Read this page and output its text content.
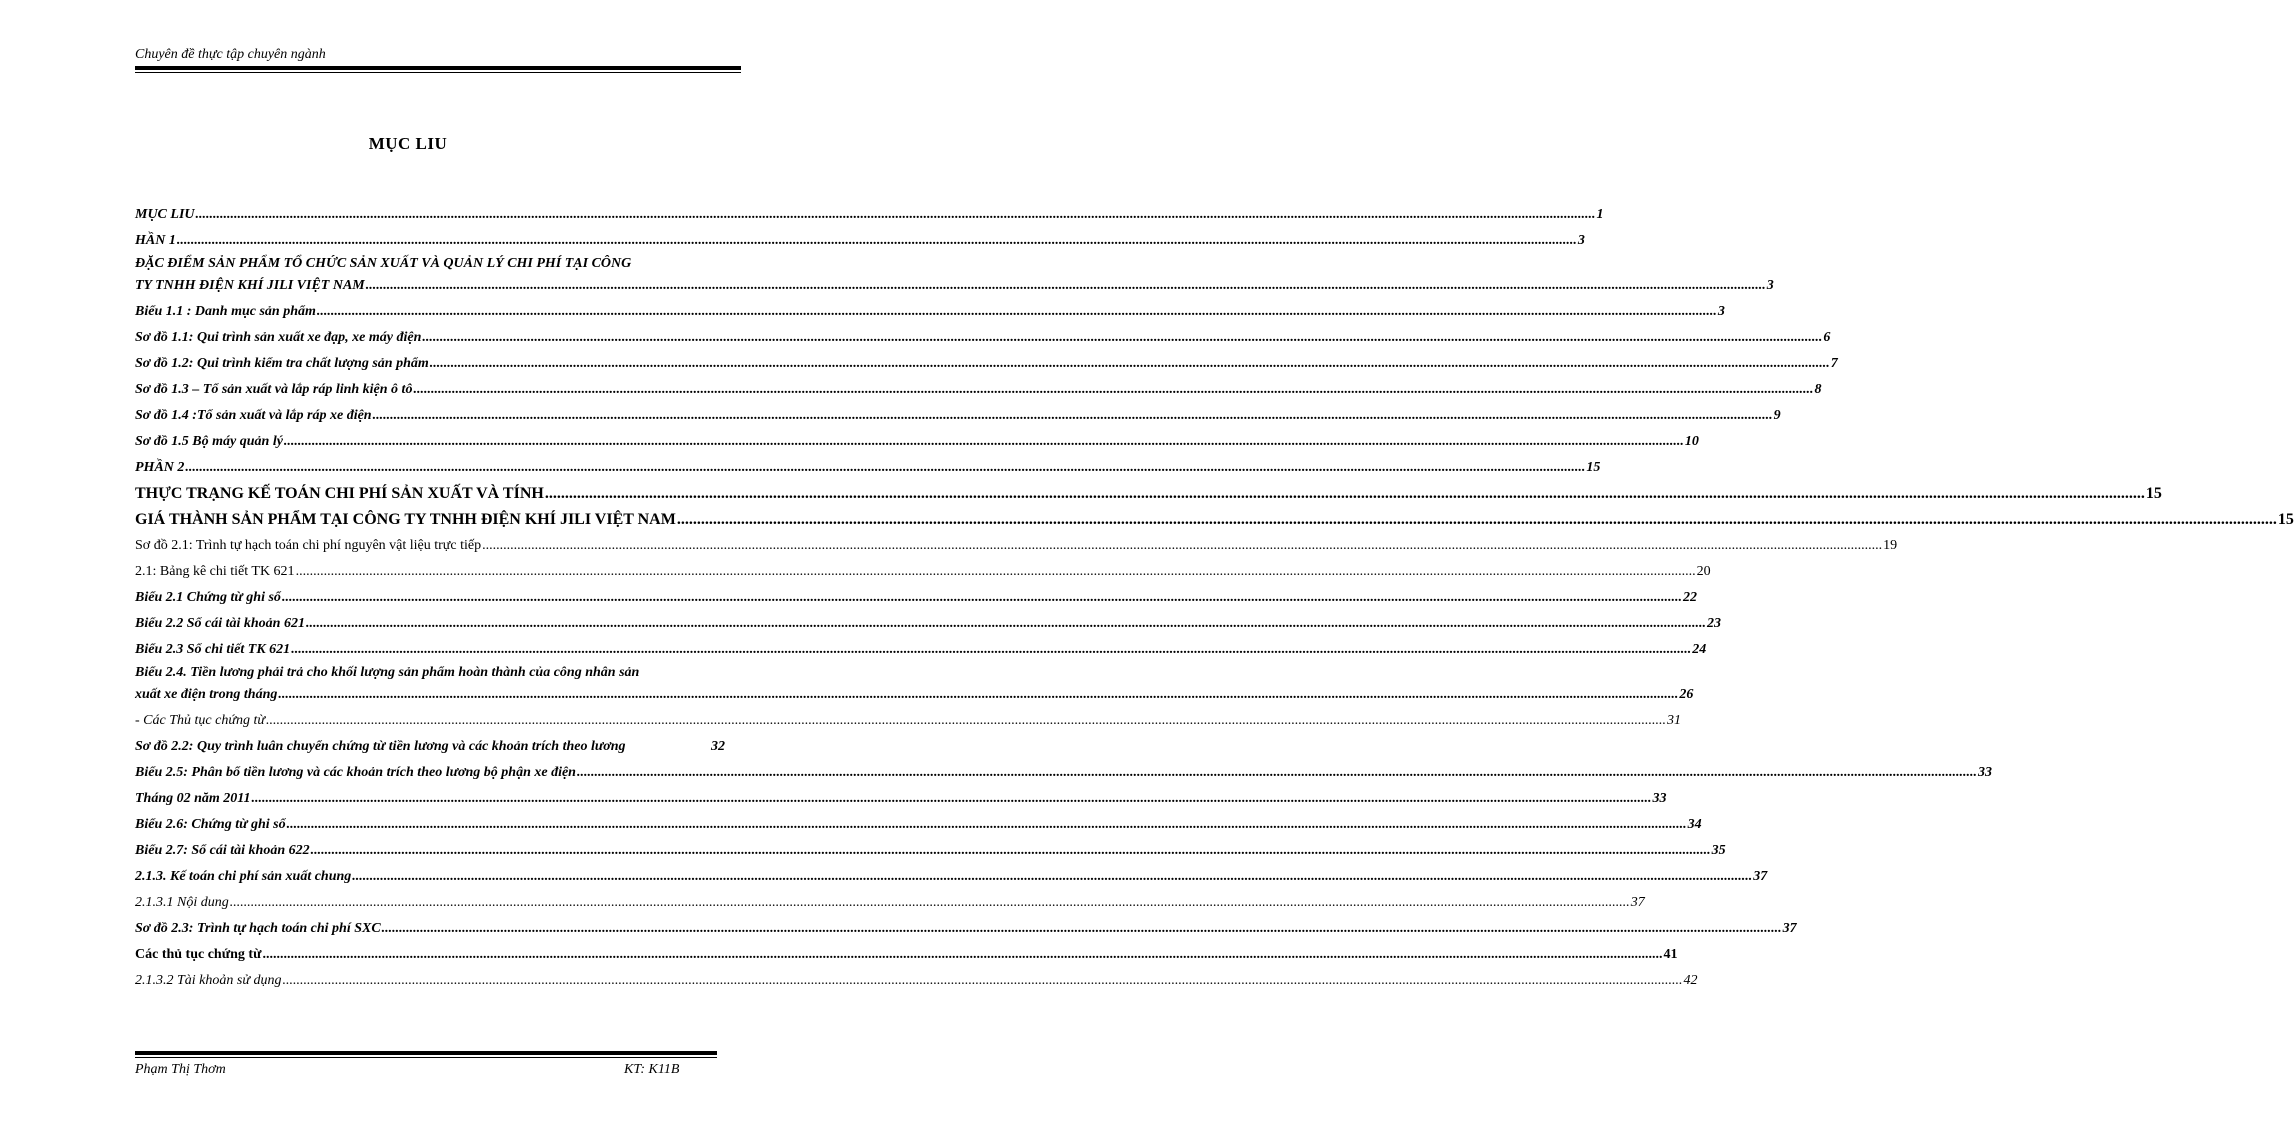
Chuyên đề thực tập chuyên ngành
MỤC LIU
MỤC LIU ................................................................................................................................................................................................................................................................................................................................................................................................................ 1
HẦN 1 ................................................................................................................................................................................................................................................................................................................................................................................................................ 3
ĐẶC ĐIỂM SẢN PHẨM TỔ CHỨC SẢN XUẤT VÀ QUẢN LÝ CHI PHÍ TẠI CÔNG
TY TNHH ĐIỆN KHÍ JILI VIỆT NAM ................................................................................................................................................................................................................................................................................................................................................................................................................ 3
Biểu 1.1 : Danh mục sản phẩm ................................................................................................................................................................................................................................................................................................................................................................................................................ 3
Sơ đồ 1.1: Qui trình sản xuất xe đạp, xe máy điện ................................................................................................................................................................................................................................................................................................................................................................................................................ 6
Sơ đồ 1.2: Qui trình kiểm tra chất lượng sản phẩm ................................................................................................................................................................................................................................................................................................................................................................................................................ 7
Sơ đồ 1.3 – Tổ sản xuất và lắp ráp linh kiện ô tô ................................................................................................................................................................................................................................................................................................................................................................................................................ 8
Sơ đồ 1.4 :Tổ sản xuất và lắp ráp xe điện ................................................................................................................................................................................................................................................................................................................................................................................................................ 9
Sơ đồ 1.5 Bộ máy quản lý ................................................................................................................................................................................................................................................................................................................................................................................................................ 10
PHẦN 2 ................................................................................................................................................................................................................................................................................................................................................................................................................ 15
THỰC TRẠNG KẾ TOÁN CHI PHÍ SẢN XUẤT VÀ TÍNH ................................................................................................................................................................................................................................................................................................................................................................................................................ 15
GIÁ THÀNH SẢN PHẨM TẠI CÔNG TY TNHH ĐIỆN KHÍ JILI VIỆT NAM ................................................................................................................................................................................................................................................................................................................................................................................................................ 15
Sơ đồ 2.1: Trình tự hạch toán chi phí nguyên vật liệu trực tiếp ................................................................................................................................................................................................................................................................................................................................................................................................................ 19
2.1: Bảng kê chi tiết TK 621 ................................................................................................................................................................................................................................................................................................................................................................................................................ 20
Biểu 2.1 Chứng từ ghi sổ ................................................................................................................................................................................................................................................................................................................................................................................................................ 22
Biểu 2.2 Sổ cái tài khoản 621 ................................................................................................................................................................................................................................................................................................................................................................................................................ 23
Biểu 2.3 Sổ chi tiết TK 621 ................................................................................................................................................................................................................................................................................................................................................................................................................ 24
Biểu 2.4. Tiền lương phải trả cho khối lượng sản phẩm hoàn thành của công nhân sản
xuất xe điện trong tháng ................................................................................................................................................................................................................................................................................................................................................................................................................ 26
- Các Thủ tục chứng từ ................................................................................................................................................................................................................................................................................................................................................................................................................ 31
Sơ đồ 2.2: Quy trình luân chuyển chứng từ tiền lương và các khoản trích theo lương	32
Biểu 2.5: Phân bổ tiền lương và các khoản trích theo lương bộ phận xe điện ................................................................................................................................................................................................................................................................................................................................................................................................................ 33
Tháng 02 năm 2011 ................................................................................................................................................................................................................................................................................................................................................................................................................ 33
Biểu 2.6: Chứng từ ghi sổ ................................................................................................................................................................................................................................................................................................................................................................................................................ 34
Biểu 2.7: Sổ cái tài khoản 622 ................................................................................................................................................................................................................................................................................................................................................................................................................ 35
2.1.3. Kế toán chi phí sản xuất chung ................................................................................................................................................................................................................................................................................................................................................................................................................ 37
2.1.3.1 Nội dung ................................................................................................................................................................................................................................................................................................................................................................................................................ 37
Sơ đồ 2.3: Trình tự hạch toán chi phí SXC ................................................................................................................................................................................................................................................................................................................................................................................................................ 37
Các thủ tục chứng từ ................................................................................................................................................................................................................................................................................................................................................................................................................ 41
2.1.3.2 Tài khoản sử dụng ................................................................................................................................................................................................................................................................................................................................................................................................................ 42
Phạm Thị Thơm	KT: K11B
